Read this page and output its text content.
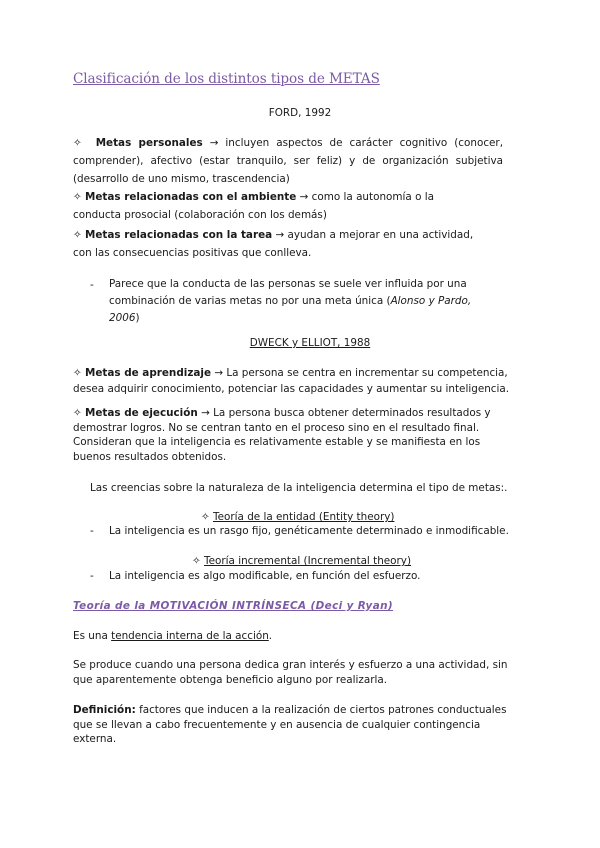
Clasificación de los distintos tipos de METAS
FORD, 1992
✧ Metas personales → incluyen aspectos de carácter cognitivo (conocer,
comprender), afectivo (estar tranquilo, ser feliz) y de organización subjetiva
(desarrollo de uno mismo, trascendencia)
✧ Metas relacionadas con el ambiente → como la autonomía o la
conducta prosocial (colaboración con los demás)
✧ Metas relacionadas con la tarea → ayudan a mejorar en una actividad,
con las consecuencias positivas que conlleva.
- Parece que la conducta de las personas se suele ver influida por una
combinación de varias metas no por una meta única (Alonso y Pardo,
2006)
DWECK y ELLIOT, 1988
✧ Metas de aprendizaje → La persona se centra en incrementar su competencia,
desea adquirir conocimiento, potenciar las capacidades y aumentar su inteligencia.
✧ Metas de ejecución → La persona busca obtener determinados resultados y
demostrar logros. No se centran tanto en el proceso sino en el resultado final.
Consideran que la inteligencia es relativamente estable y se manifiesta en los
buenos resultados obtenidos.
Las creencias sobre la naturaleza de la inteligencia determina el tipo de metas:.
✧ Teoría de la entidad (Entity theory)
- La inteligencia es un rasgo fijo, genéticamente determinado e inmodificable.
✧ Teoría incremental (Incremental theory)
- La inteligencia es algo modificable, en función del esfuerzo.
Teoría de la MOTIVACIÓN INTRÍNSECA (Deci y Ryan)
Es una tendencia interna de la acción.
Se produce cuando una persona dedica gran interés y esfuerzo a una actividad, sin
que aparentemente obtenga beneficio alguno por realizarla.
Definición: factores que inducen a la realización de ciertos patrones conductuales
que se llevan a cabo frecuentemente y en ausencia de cualquier contingencia
externa.
